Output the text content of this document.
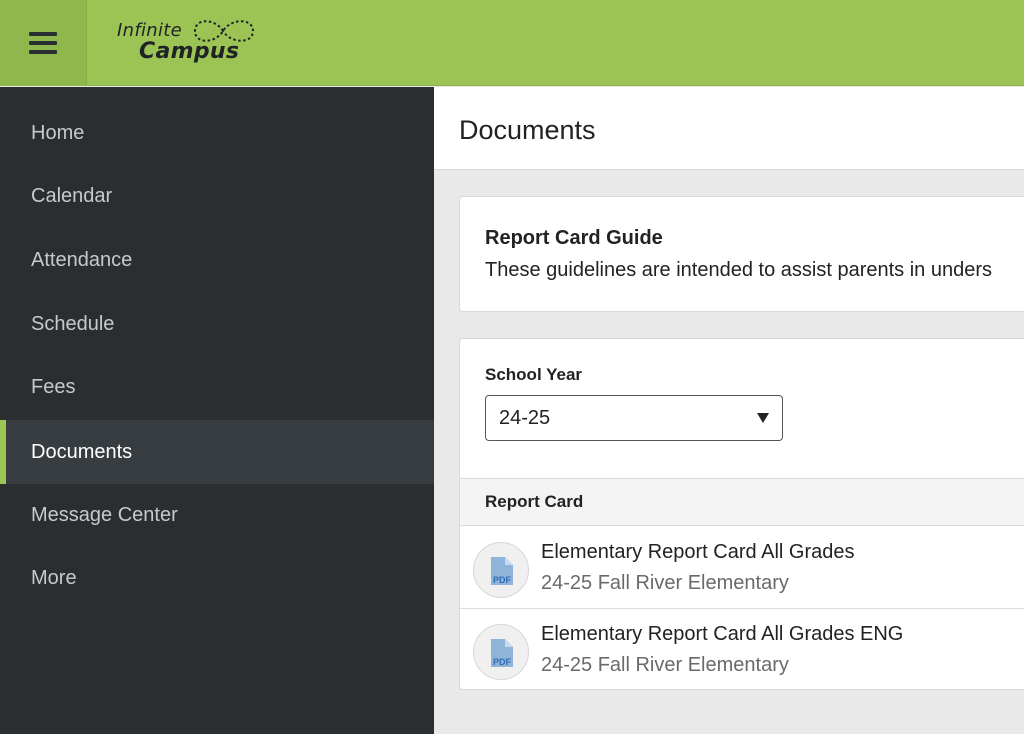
Infinite
Campus
Home
Calendar
Attendance
Schedule
Fees
Documents
Message Center
More
Documents
Report Card Guide
These guidelines are intended to assist parents in unders
School Year
24-25
Report Card
PDF
Elementary Report Card All Grades
24-25 Fall River Elementary
PDF
Elementary Report Card All Grades ENG
24-25 Fall River Elementary
